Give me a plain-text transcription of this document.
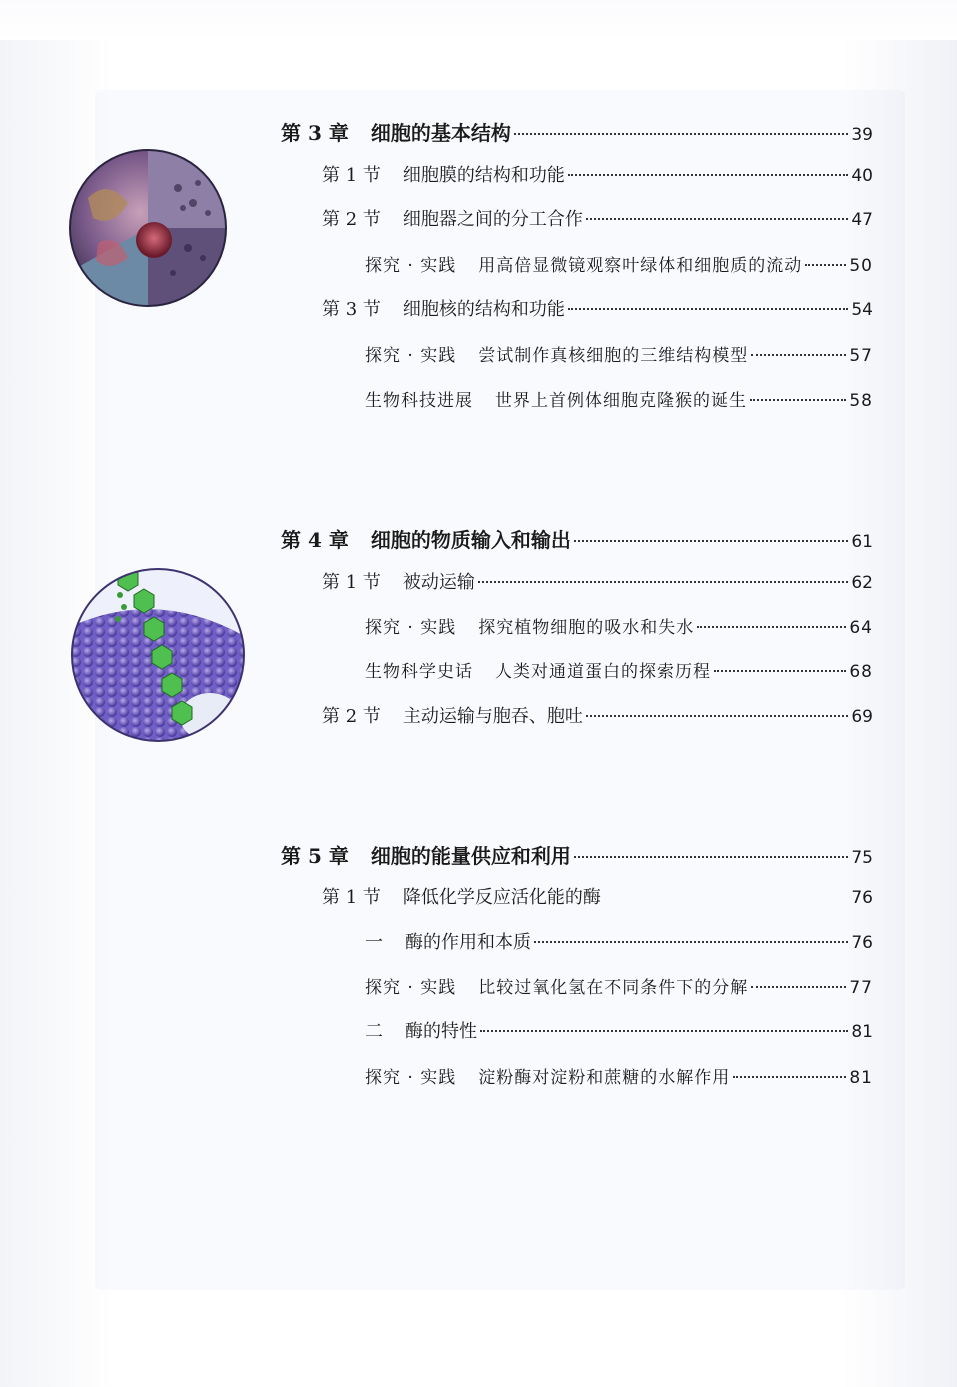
第 3 章 细胞的基本结构	39
第 1 节 细胞膜的结构和功能	40
第 2 节 细胞器之间的分工合作	47
探究 · 实践 用高倍显微镜观察叶绿体和细胞质的流动	50
第 3 节 细胞核的结构和功能	54
探究 · 实践 尝试制作真核细胞的三维结构模型	57
生物科技进展 世界上首例体细胞克隆猴的诞生	58
第 4 章 细胞的物质输入和输出	61
第 1 节 被动运输	62
探究 · 实践 探究植物细胞的吸水和失水	64
生物科学史话 人类对通道蛋白的探索历程	68
第 2 节 主动运输与胞吞、胞吐	69
第 5 章 细胞的能量供应和利用	75
第 1 节 降低化学反应活化能的酶	76
一 酶的作用和本质	76
探究 · 实践 比较过氧化氢在不同条件下的分解	77
二 酶的特性	81
探究 · 实践 淀粉酶对淀粉和蔗糖的水解作用	81
